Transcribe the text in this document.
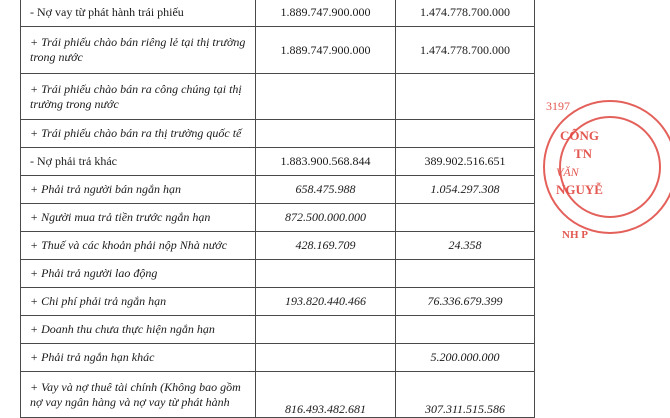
- Nợ vay từ phát hành trái phiếu	1.889.747.900.000	1.474.778.700.000
+ Trái phiếu chào bán riêng lẻ tại thị trường trong nước	1.889.747.900.000	1.474.778.700.000
+ Trái phiếu chào bán ra công chúng tại thị trường trong nước		
+ Trái phiếu chào bán ra thị trường quốc tế		
- Nợ phải trả khác	1.883.900.568.844	389.902.516.651
+ Phải trả người bán ngắn hạn	658.475.988	1.054.297.308
+ Người mua trả tiền trước ngắn hạn	872.500.000.000	
+ Thuế và các khoản phải nộp Nhà nước	428.169.709	24.358
+ Phải trả người lao động		
+ Chi phí phải trả ngắn hạn	193.820.440.466	76.336.679.399
+ Doanh thu chưa thực hiện ngắn hạn		
+ Phải trả ngắn hạn khác		5.200.000.000
+ Vay và nợ thuê tài chính (Không bao gồm nợ vay ngân hàng và nợ vay từ phát hành	816.493.482.681	307.311.515.586
3197
CÔNG
TN
VĂN
NGUYỄ
NH P
